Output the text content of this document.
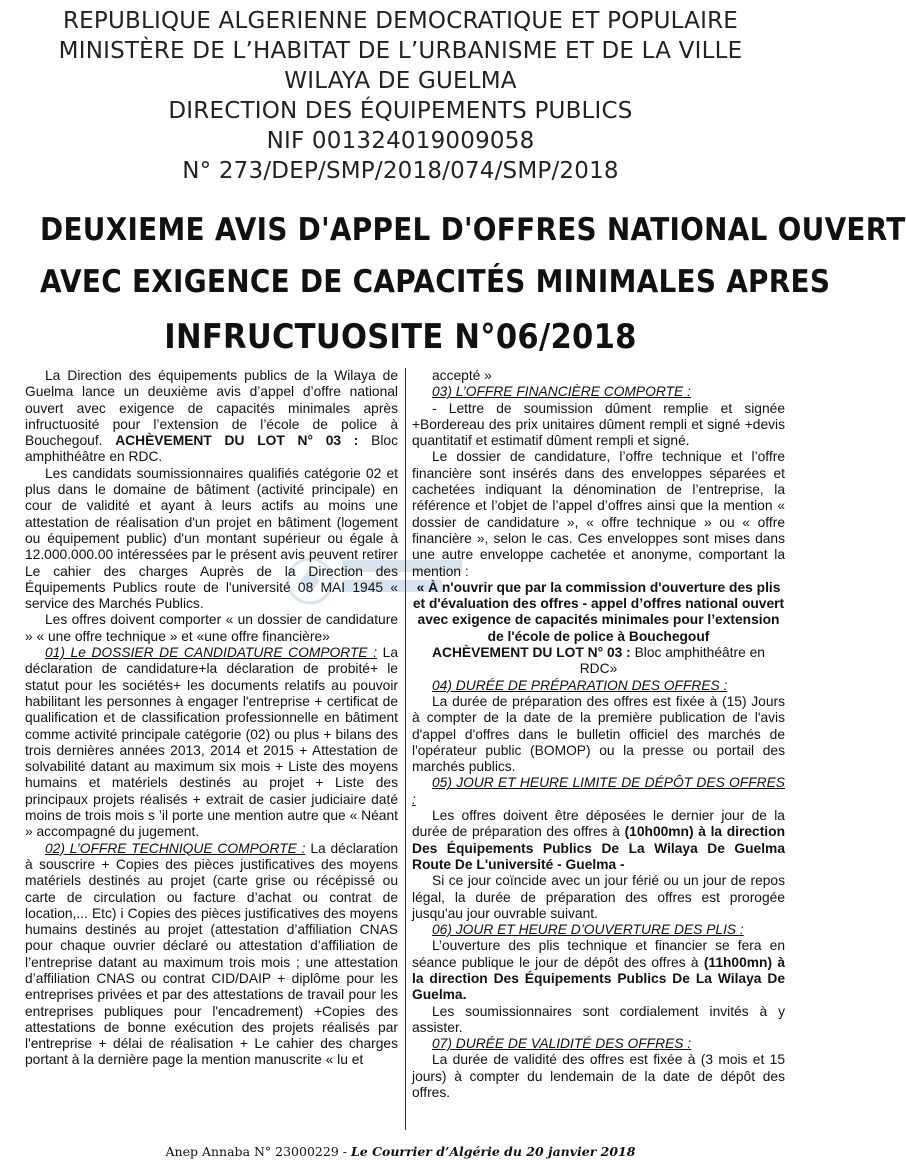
REPUBLIQUE ALGERIENNE DEMOCRATIQUE ET POPULAIRE
MINISTÈRE DE L’HABITAT DE L’URBANISME ET DE LA VILLE
WILAYA DE GUELMA
DIRECTION DES ÉQUIPEMENTS PUBLICS
NIF 001324019009058
N° 273/DEP/SMP/2018/074/SMP/2018
DEUXIEME AVIS D'APPEL D'OFFRES NATIONAL OUVERT
AVEC EXIGENCE DE CAPACITÉS MINIMALES APRES
INFRUCTUOSITE N°06/2018

La Direction des équipements publics de la Wilaya de Guelma lance un deuxième avis d’appel d’offre national ouvert avec exigence de capacités minimales après infructuosité pour l’extension de l’école de police à Bouchegouf. ACHÈVEMENT DU LOT N° 03 : Bloc amphithéâtre en RDC.

Les candidats soumissionnaires qualifiés catégorie 02 et plus dans le domaine de bâtiment (activité principale) en cour de validité et ayant à leurs actifs au moins une attestation de réalisation d'un projet en bâtiment (logement ou équipement public) d'un montant supérieur ou égale à 12.000.000.00 intéressées par le présent avis peuvent retirer Le cahier des charges Auprès de la Direction des Équipements Publics route de l'université 08 MAI 1945 « service des Marchés Publics.

Les offres doivent comporter « un dossier de candidature » « une offre technique » et «une offre financière»

01) Le DOSSIER DE CANDIDATURE COMPORTE : La déclaration de candidature+la déclaration de probité+ le statut pour les sociétés+ les documents relatifs au pouvoir habilitant les personnes à engager l'entreprise + certificat de qualification et de classification professionnelle en bâtiment comme activité principale catégorie (02) ou plus + bilans des trois dernières années 2013, 2014 et 2015 + Attestation de solvabilité datant au maximum six mois + Liste des moyens humains et matériels destinés au projet + Liste des principaux projets réalisés + extrait de casier judiciaire daté moins de trois mois s ’il porte une mention autre que « Néant » accompagné du jugement.

02) L’OFFRE TECHNIQUE COMPORTE : La déclaration à souscrire + Copies des pièces justificatives des moyens matériels destinés au projet (carte grise ou récépissé ou carte de circulation ou facture d’achat ou contrat de location,... Etc) i Copies des pièces justificatives des moyens humains destinés au projet (attestation d’affiliation CNAS pour chaque ouvrier déclaré ou attestation d’affiliation de l’entreprise datant au maximum trois mois ; une attestation d’affiliation CNAS ou contrat CID/DAIP + diplôme pour les entreprises privées et par des attestations de travail pour les entreprises publiques pour l'encadrement) +Copies des attestations de bonne exécution des projets réalisés par l'entreprise + délai de réalisation + Le cahier des charges portant à la dernière page la mention manuscrite « lu et

accepté »

03) L’OFFRE FINANCIÈRE COMPORTE :

- Lettre de soumission dûment remplie et signée +Bordereau des prix unitaires dûment rempli et signé +devis quantitatif et estimatif dûment rempli et signé.

Le dossier de candidature, l’offre technique et l’offre financière sont insérés dans des enveloppes séparées et cachetées indiquant la dénomination de l’entreprise, la référence et l’objet de l’appel d’offres ainsi que la mention « dossier de candidature », « offre technique » ou « offre financière », selon le cas. Ces enveloppes sont mises dans une autre enveloppe cachetée et anonyme, comportant la mention :

« À n'ouvrir que par la commission d'ouverture des plis et d'évaluation des offres - appel d’offres national ouvert avec exigence de capacités minimales pour l’extension de l'école de police à Bouchegouf

ACHÈVEMENT DU LOT N° 03 : Bloc amphithéâtre en RDC»

04) DURÉE DE PRÉPARATION DES OFFRES :

La durée de préparation des offres est fixée à (15) Jours à compter de la date de la première publication de l'avis d'appel d'offres dans le bulletin officiel des marchés de l'opérateur public (BOMOP) ou la presse ou portail des marchés publics.

05) JOUR ET HEURE LIMITE DE DÉPÔT DES OFFRES :

Les offres doivent être déposées le dernier jour de la durée de préparation des offres à (10h00mn) à la direction Des Équipements Publics De La Wilaya De Guelma Route De L'université - Guelma -

Si ce jour coïncide avec un jour férié ou un jour de repos légal, la durée de préparation des offres est prorogée jusqu'au jour ouvrable suivant.

06) JOUR ET HEURE D’OUVERTURE DES PLIS :

L’ouverture des plis technique et financier se fera en séance publique le jour de dépôt des offres à (11h00mn) à la direction Des Équipements Publics De La Wilaya De Guelma.

Les soumissionnaires sont cordialement invités à y assister.

07) DURÉE DE VALIDITÉ DES OFFRES :

La durée de validité des offres est fixée à (3 mois et 15 jours) à compter du lendemain de la date de dépôt des offres.

Anep Annaba N° 23000229 - Le Courrier d’Algérie du 20 janvier 2018
